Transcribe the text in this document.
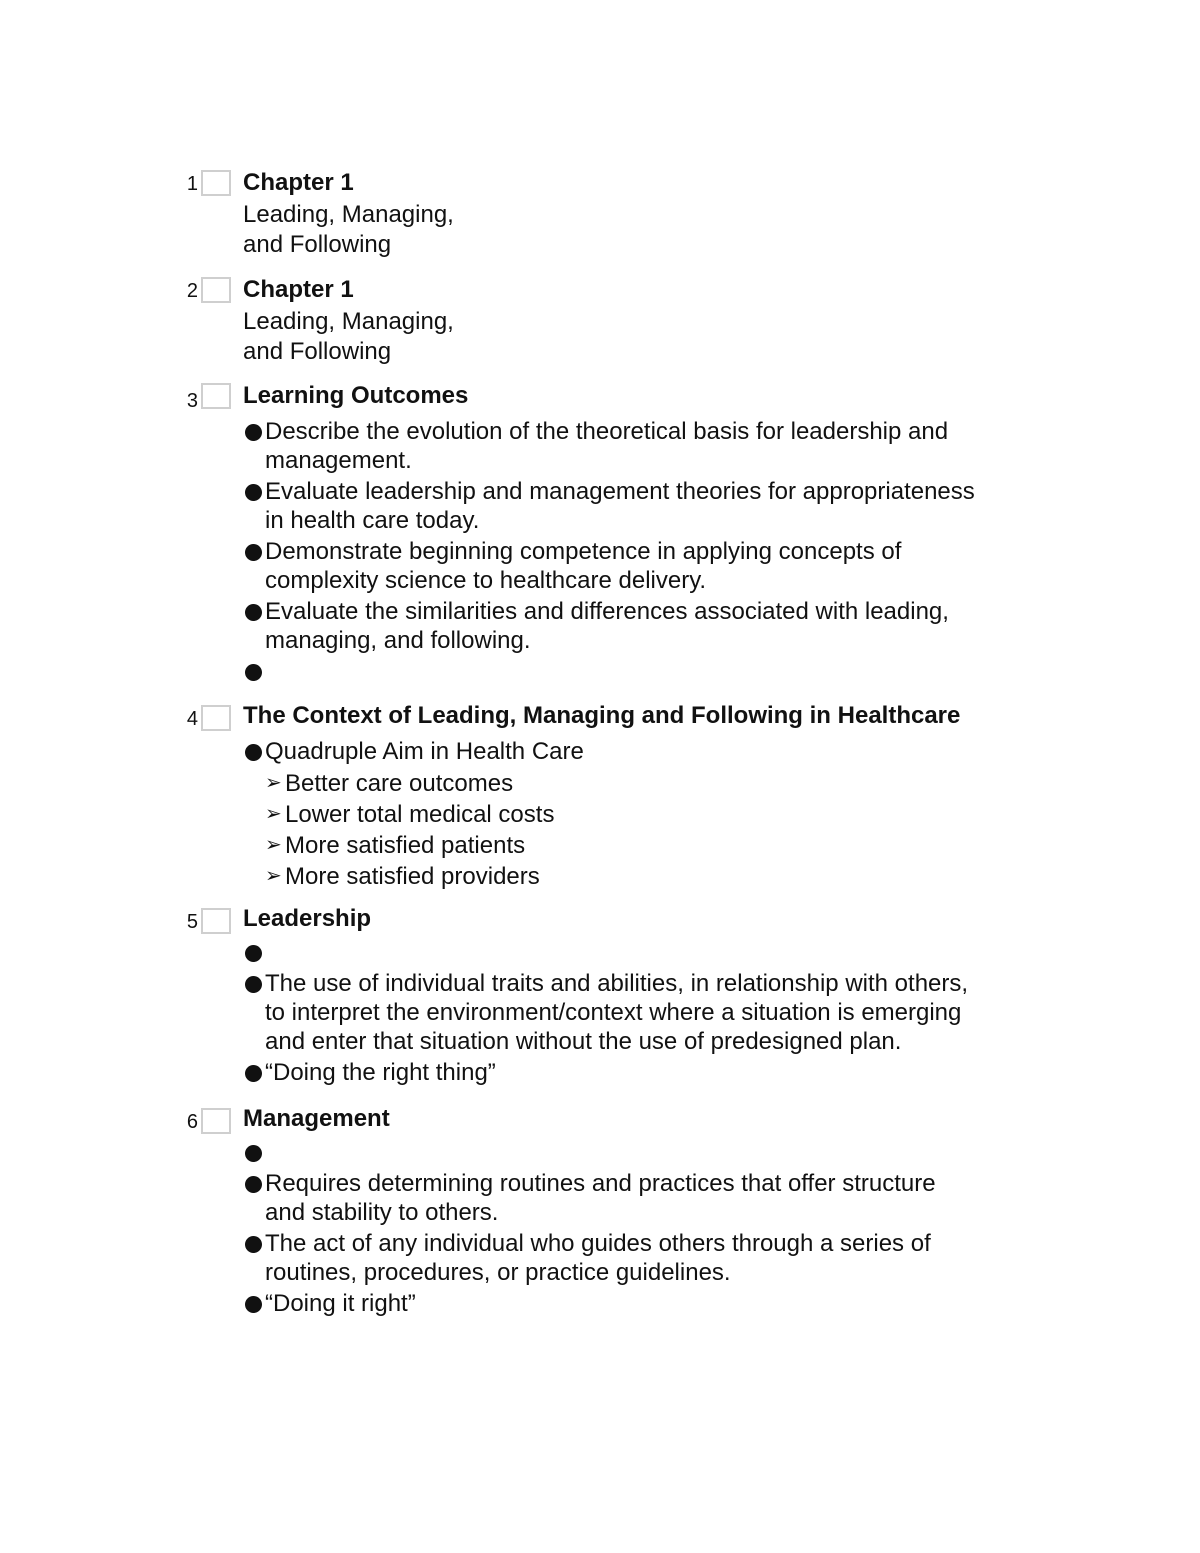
1 Chapter 1
Leading, Managing,
and Following
2 Chapter 1
Leading, Managing,
and Following
3 Learning Outcomes
Describe the evolution of the theoretical basis for leadership and
management.
Evaluate leadership and management theories for appropriateness
in health care today.
Demonstrate beginning competence in applying concepts of
complexity science to healthcare delivery.
Evaluate the similarities and differences associated with leading,
managing, and following.
4 The Context of Leading, Managing and Following in Healthcare
Quadruple Aim in Health Care
➢ Better care outcomes
➢ Lower total medical costs
➢ More satisfied patients
➢ More satisfied providers
5 Leadership
The use of individual traits and abilities, in relationship with others,
to interpret the environment/context where a situation is emerging
and enter that situation without the use of predesigned plan.
“Doing the right thing”
6 Management
Requires determining routines and practices that offer structure
and stability to others.
The act of any individual who guides others through a series of
routines, procedures, or practice guidelines.
“Doing it right”
